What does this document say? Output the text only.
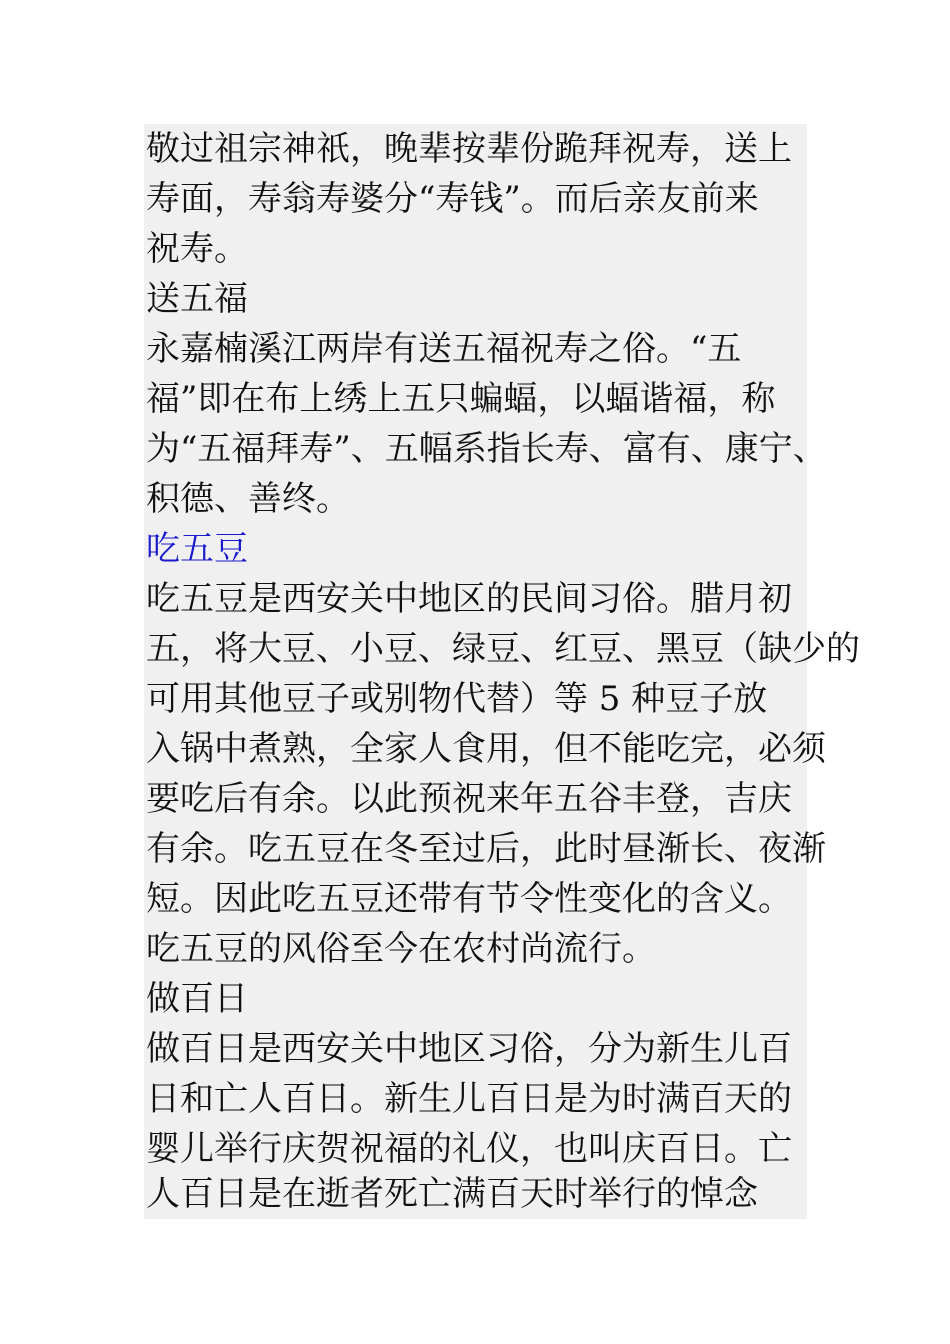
敬过祖宗神祇，晚辈按辈份跪拜祝寿，送上
寿面，寿翁寿婆分“寿钱”。而后亲友前来
祝寿。
送五福
永嘉楠溪江两岸有送五福祝寿之俗。“五
福”即在布上绣上五只蝙蝠，以蝠谐福，称
为“五福拜寿”、五幅系指长寿、富有、康宁、
积德、善终。
吃五豆
吃五豆是西安关中地区的民间习俗。腊月初
五，将大豆、小豆、绿豆、红豆、黑豆（缺少的
可用其他豆子或别物代替）等 5 种豆子放
入锅中煮熟，全家人食用，但不能吃完，必须
要吃后有余。以此预祝来年五谷丰登，吉庆
有余。吃五豆在冬至过后，此时昼渐长、夜渐
短。因此吃五豆还带有节令性变化的含义。
吃五豆的风俗至今在农村尚流行。
做百日
做百日是西安关中地区习俗，分为新生儿百
日和亡人百日。新生儿百日是为时满百天的
婴儿举行庆贺祝福的礼仪，也叫庆百日。亡
人百日是在逝者死亡满百天时举行的悼念
